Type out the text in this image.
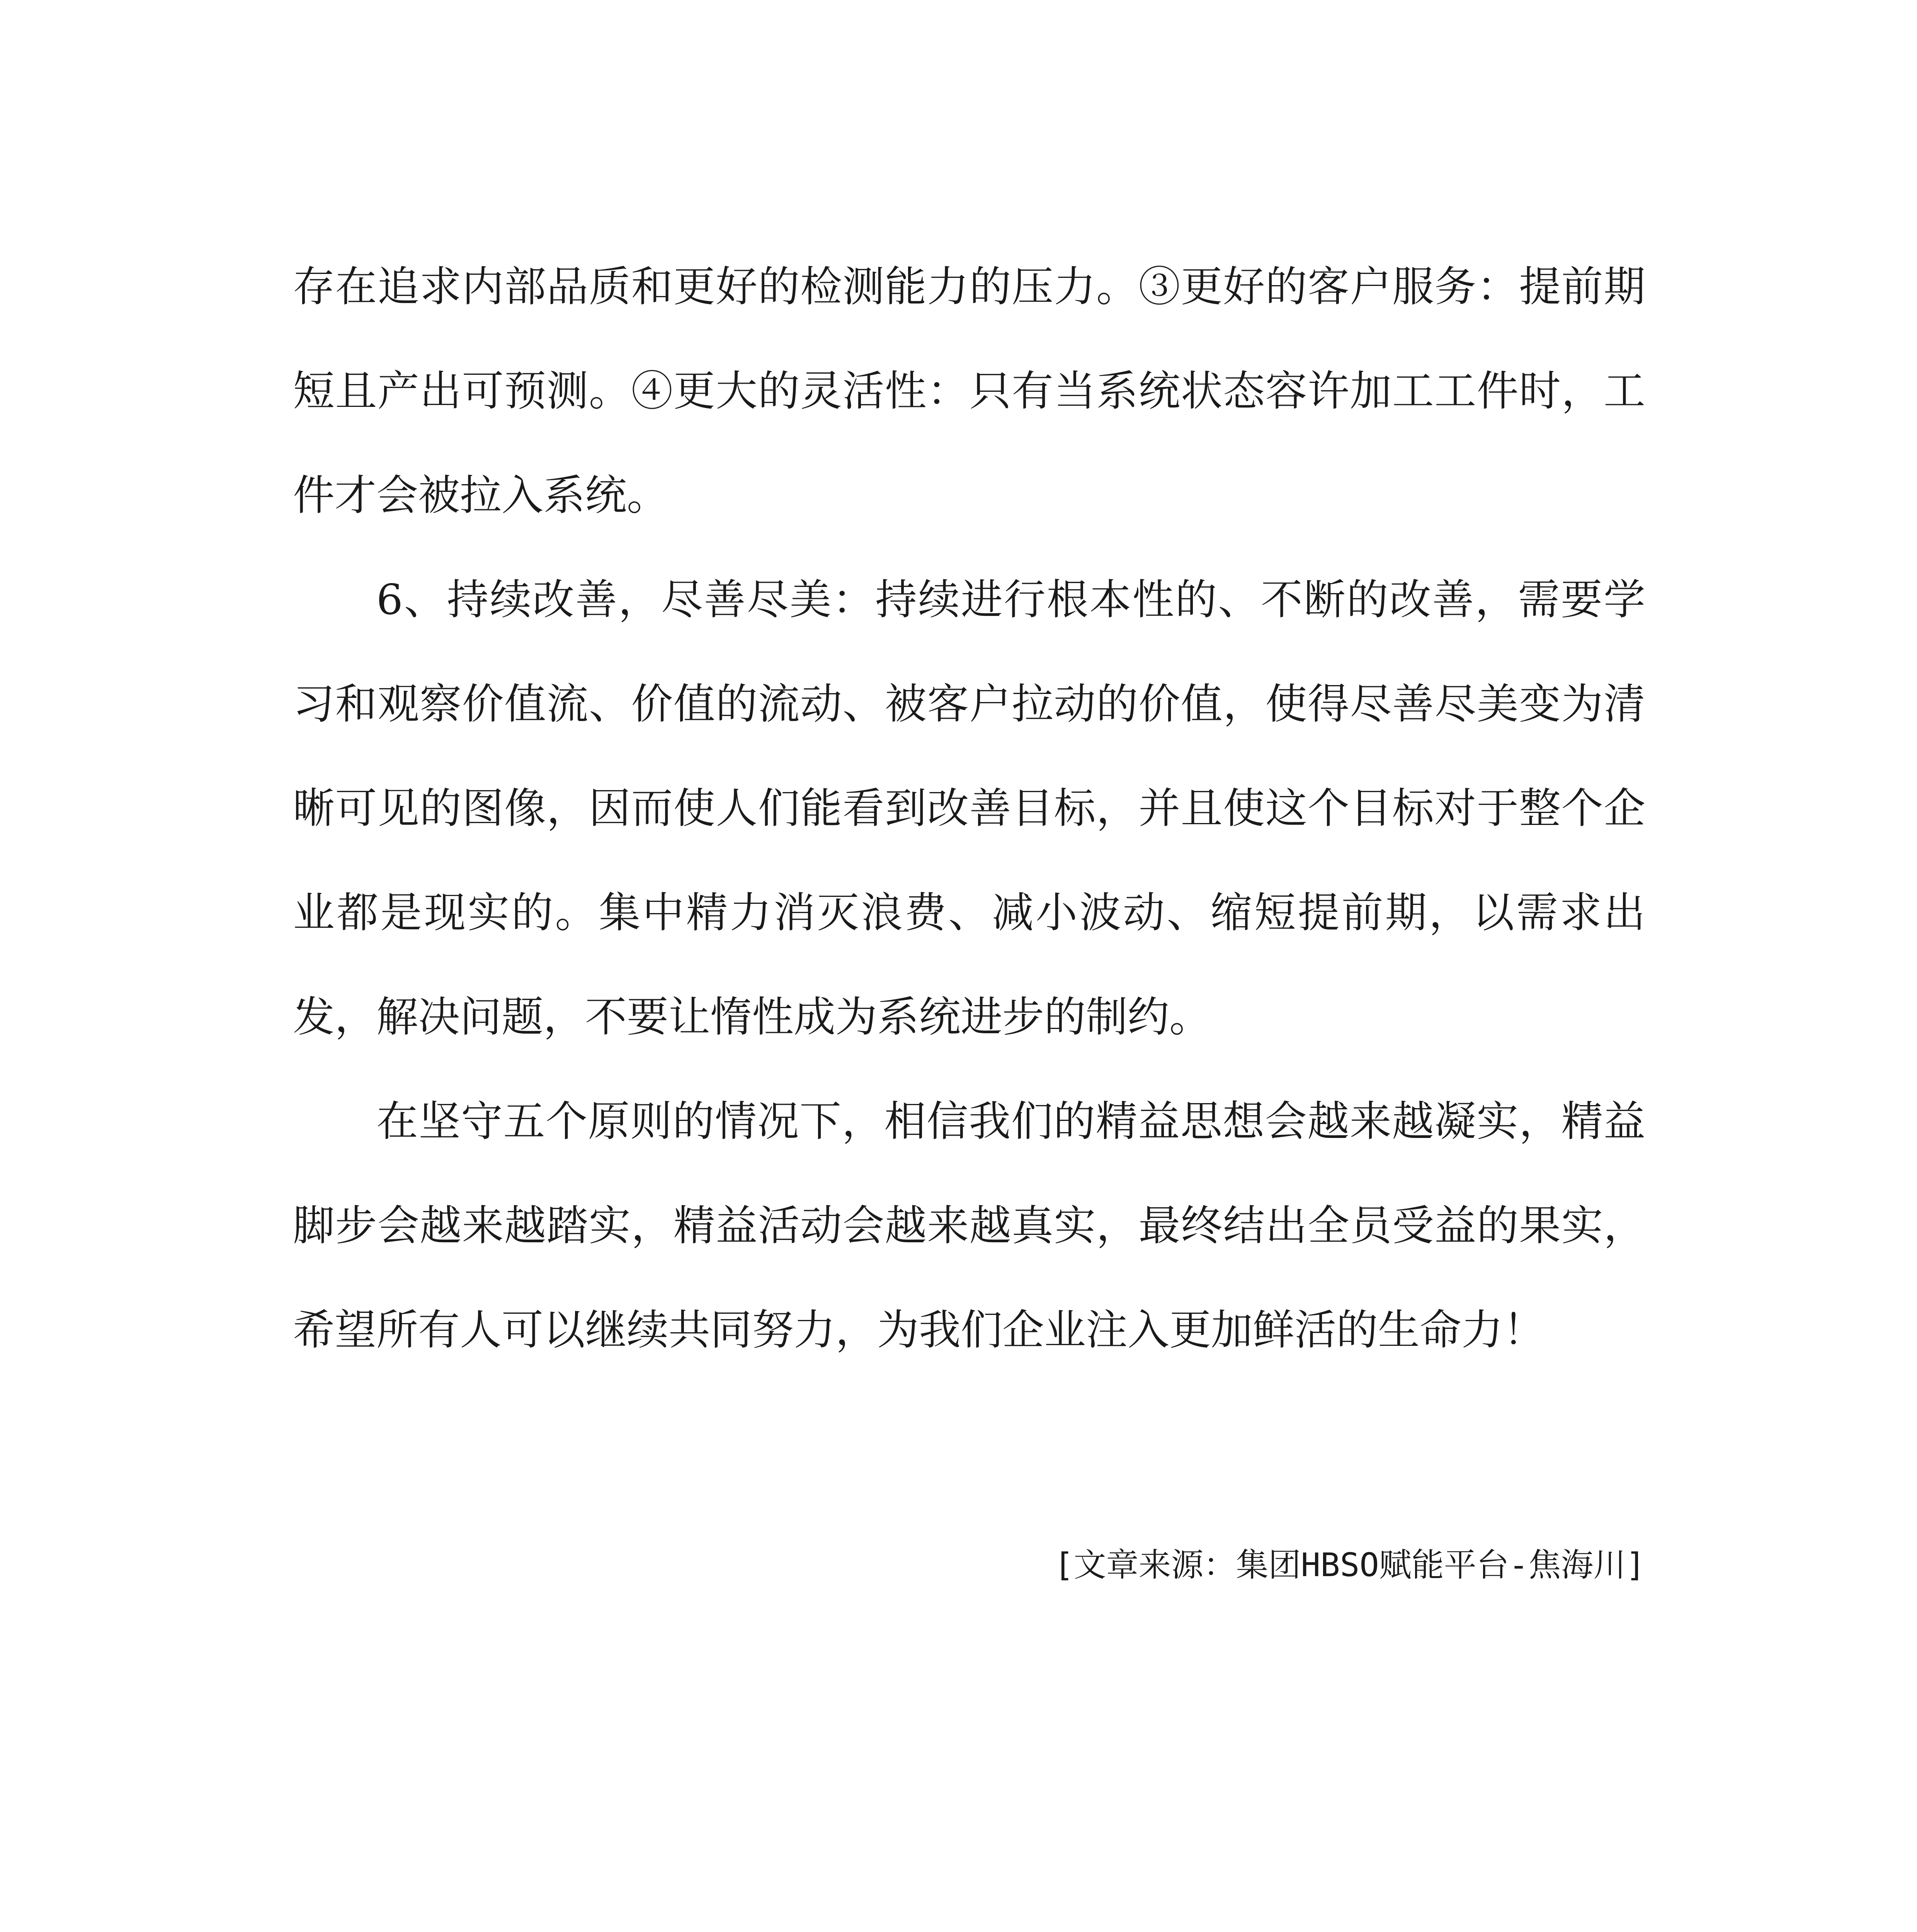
存在追求内部品质和更好的检测能力的压力。③更好的客户服务：提前期短且产出可预测。④更大的灵活性：只有当系统状态容许加工工件时，工件才会被拉入系统。

6、持续改善，尽善尽美：持续进行根本性的、不断的改善，需要学习和观察价值流、价值的流动、被客户拉动的价值，使得尽善尽美变为清晰可见的图像，因而使人们能看到改善目标，并且使这个目标对于整个企业都是现实的。集中精力消灭浪费、减小波动、缩短提前期，以需求出发，解决问题，不要让惰性成为系统进步的制约。

在坚守五个原则的情况下，相信我们的精益思想会越来越凝实，精益脚步会越来越踏实，精益活动会越来越真实，最终结出全员受益的果实，希望所有人可以继续共同努力，为我们企业注入更加鲜活的生命力！

[文章来源：集团HBSO赋能平台-焦海川]
